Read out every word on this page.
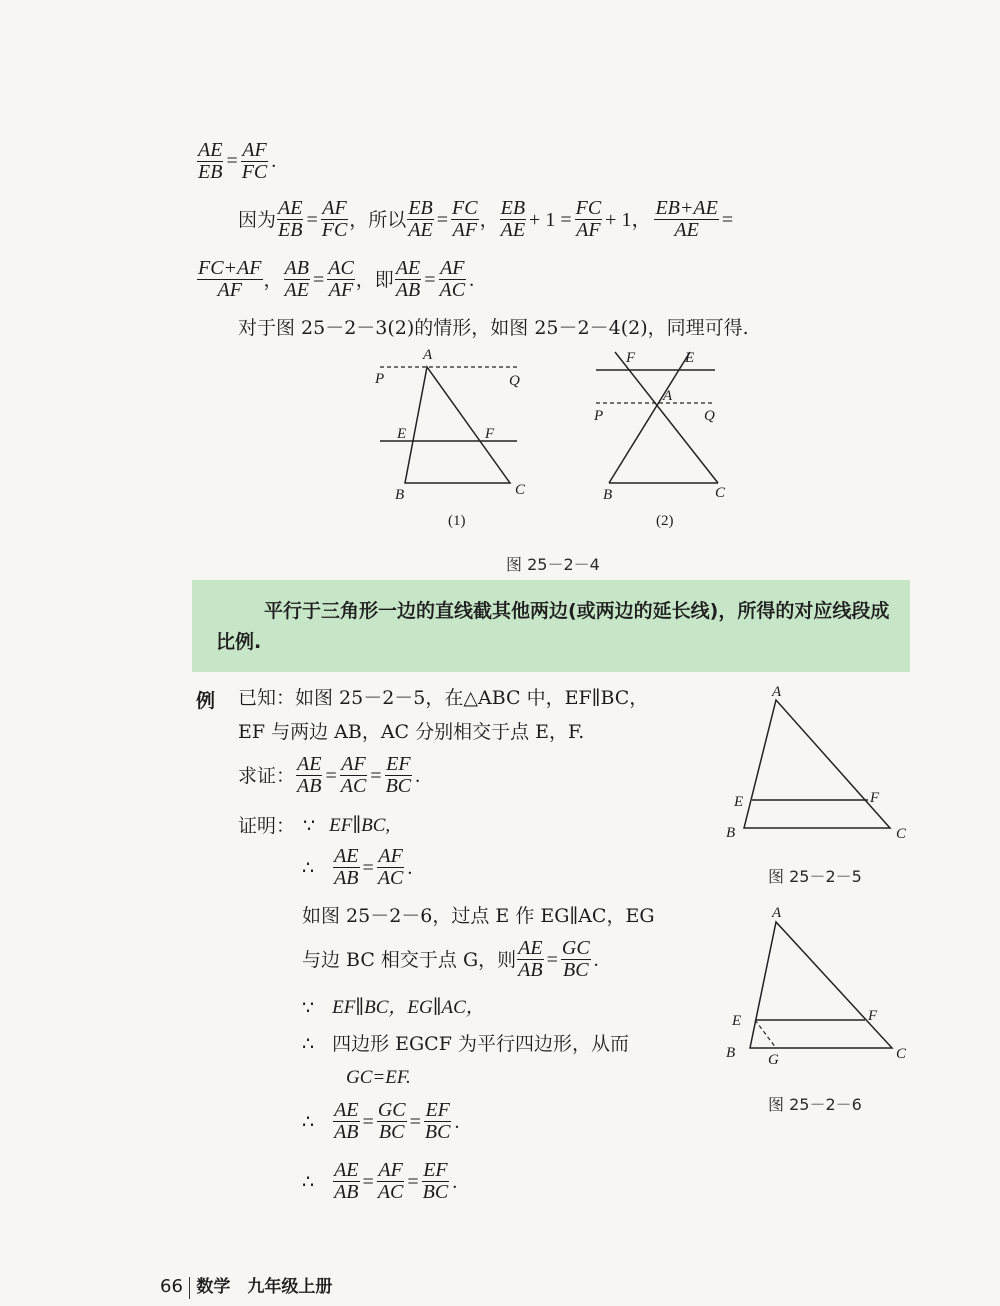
$\frac{AE}{EB} = \frac{AF}{FC}$ .
因为 $\frac{AE}{EB} = \frac{AF}{FC}$ ，所以 $\frac{EB}{AE} = \frac{FC}{AF}$ ， $\frac{EB}{AE} + 1 = \frac{FC}{AF} + 1$， $\frac{EB+AE}{AE}$ =
$\frac{FC+AF}{AF}$ ， $\frac{AB}{AE} = \frac{AC}{AF}$ ，即 $\frac{AE}{AB} = \frac{AF}{AC}$ .
对于图 25－2－3(2)的情形，如图 25－2－4(2)，同理可得.
A
P	Q
E	F
B	C
(1)
F	E
A
P	Q
B	C
(2)
图 25－2－4
平行于三角形一边的直线截其他两边(或两边的延长线)，所得的对应线段成比例.
例 已知：如图 25－2－5，在△ABC 中，EF∥BC，
EF 与两边 AB，AC 分别相交于点 E，F.
求证： $\frac{AE}{AB} = \frac{AF}{AC} = \frac{EF}{BC}$ .
证明： ∵ EF∥BC,
∴ $\frac{AE}{AB} = \frac{AF}{AC}$ .
如图 25－2－6，过点 E 作 EG∥AC，EG
与边 BC 相交于点 G，则 $\frac{AE}{AB} = \frac{GC}{BC}$ .
∵ EF∥BC，EG∥AC，
∴ 四边形 EGCF 为平行四边形，从而
GC=EF.
∴ $\frac{AE}{AB} = \frac{GC}{BC} = \frac{EF}{BC}$ .
∴ $\frac{AE}{AB} = \frac{AF}{AC} = \frac{EF}{BC}$ .
A
E	F
B	C
图 25－2－5
A
E	F
B G	C
图 25－2－6
66 数学　九年级上册
